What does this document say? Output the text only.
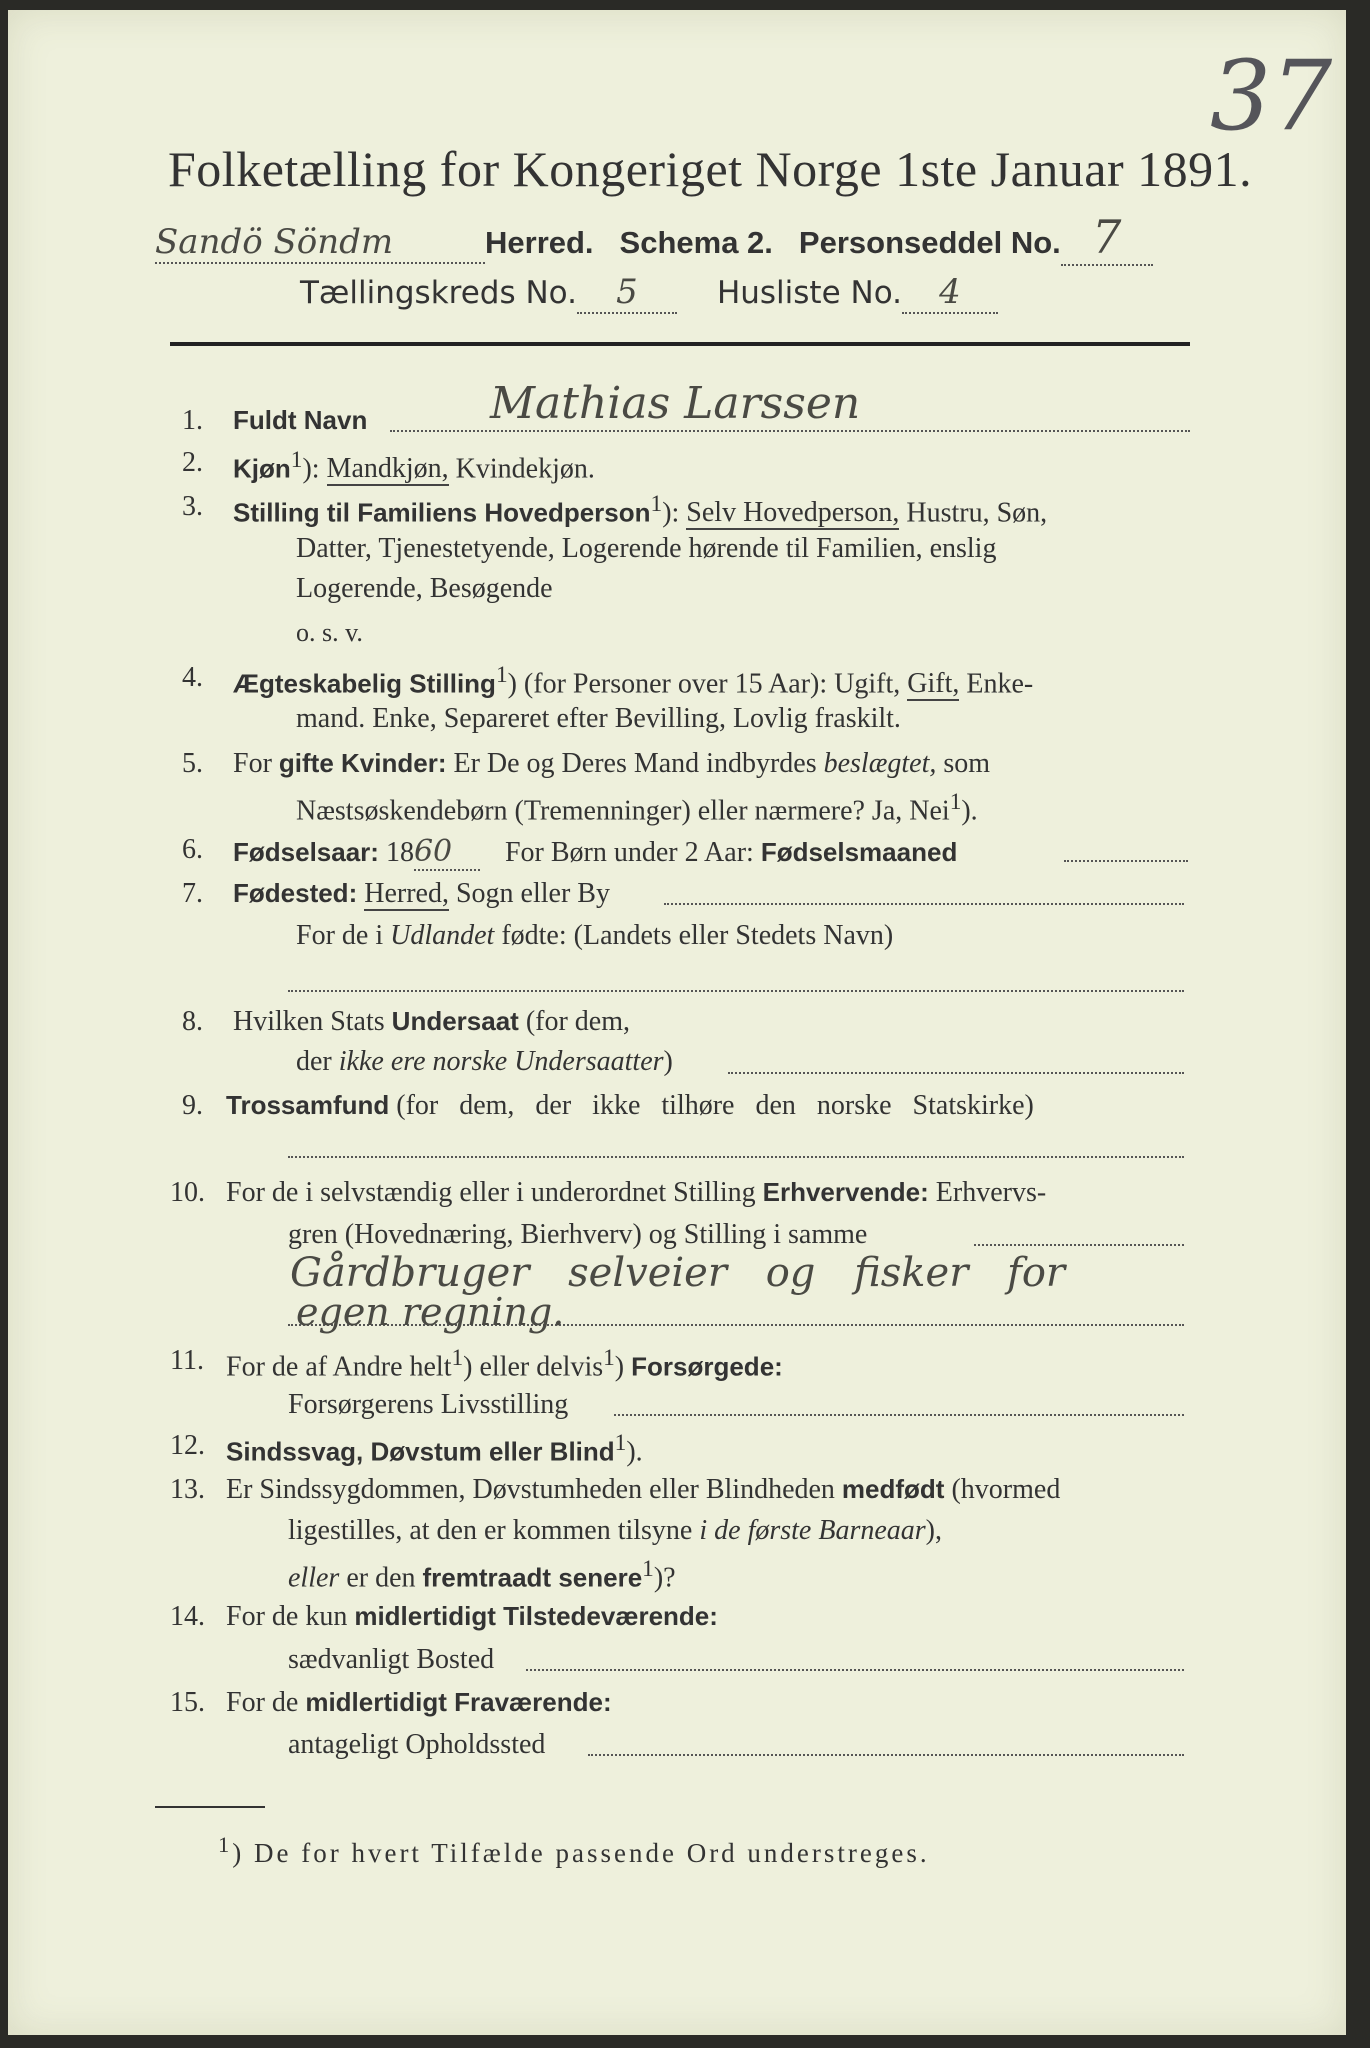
37
Folketælling for Kongeriget Norge 1ste Januar 1891.
Sandö Söndm	Herred. Schema 2. Personseddel No. 7
Tællingskreds No. 5	Husliste No. 4
1. Fuldt Navn	Mathias Larssen
2. Kjøn$^1$): Mandkjøn, Kvindekjøn.
3. Stilling til Familiens Hovedperson$^1$): Selv Hovedperson, Hustru, Søn,
Datter, Tjenestetyende, Logerende hørende til Familien, enslig
Logerende, Besøgende
o. s. v.
4. Ægteskabelig Stilling$^1$) (for Personer over 15 Aar): Ugift, Gift, Enke-
mand. Enke, Separeret efter Bevilling, Lovlig fraskilt.
5. For gifte Kvinder: Er De og Deres Mand indbyrdes beslægtet, som
Næstsøskendebørn (Tremenninger) eller nærmere? Ja, Nei$^1$).
6. Fødselsaar: 1860 For Børn under 2 Aar: Fødselsmaaned
7. Fødested: Herred, Sogn eller By
For de i Udlandet fødte: (Landets eller Stedets Navn)
8. Hvilken Stats Undersaat (for dem,
der ikke ere norske Undersaatter)
9. Trossamfund (for dem, der ikke tilhøre den norske Statskirke)
10. For de i selvstændig eller i underordnet Stilling Erhvervende: Erhvervs-
gren (Hovednæring, Bierhverv) og Stilling i samme
Gårdbruger selveier og fisker for
egen regning.
11. For de af Andre helt$^1$) eller delvis$^1$) Forsørgede:
Forsørgerens Livsstilling
12. Sindssvag, Døvstum eller Blind$^1$).
13. Er Sindssygdommen, Døvstumheden eller Blindheden medfødt (hvormed
ligestilles, at den er kommen tilsyne i de første Barneaar),
eller er den fremtraadt senere$^1$)?
14. For de kun midlertidigt Tilstedeværende:
sædvanligt Bosted
15. For de midlertidigt Fraværende:
antageligt Opholdssted
$^1$) De for hvert Tilfælde passende Ord understreges.
